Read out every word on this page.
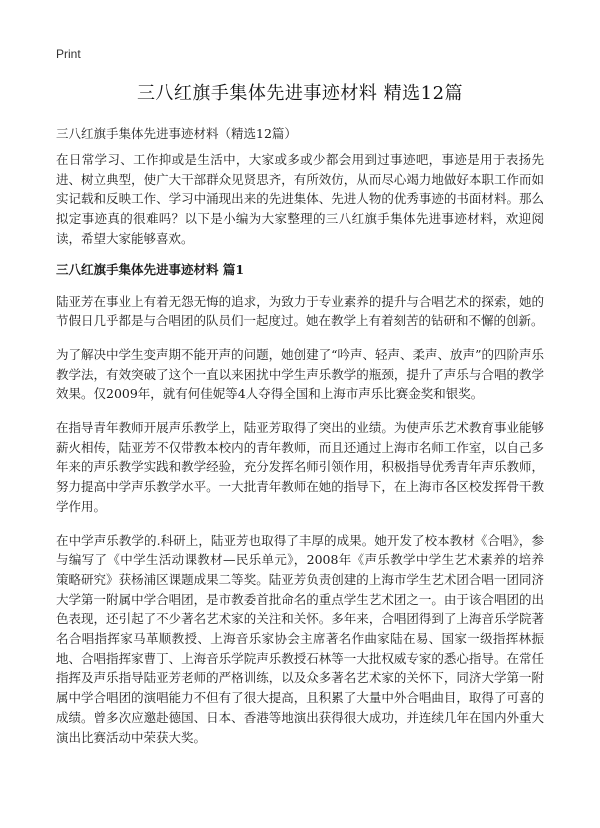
Print
三八红旗手集体先进事迹材料 精选12篇
三八红旗手集体先进事迹材料（精选12篇）

在日常学习、工作抑或是生活中，大家或多或少都会用到过事迹吧，事迹是用于表扬先进、树立典型，使广大干部群众见贤思齐，有所效仿，从而尽心竭力地做好本职工作而如实记载和反映工作、学习中涌现出来的先进集体、先进人物的优秀事迹的书面材料。那么拟定事迹真的很难吗？以下是小编为大家整理的三八红旗手集体先进事迹材料，欢迎阅读，希望大家能够喜欢。

三八红旗手集体先进事迹材料 篇1

陆亚芳在事业上有着无怨无悔的追求，为致力于专业素养的提升与合唱艺术的探索，她的节假日几乎都是与合唱团的队员们一起度过。她在教学上有着刻苦的钻研和不懈的创新。

为了解决中学生变声期不能开声的问题，她创建了“吟声、轻声、柔声、放声”的四阶声乐教学法，有效突破了这个一直以来困扰中学生声乐教学的瓶颈，提升了声乐与合唱的教学效果。仅2009年，就有何佳妮等4人夺得全国和上海市声乐比赛金奖和银奖。

在指导青年教师开展声乐教学上，陆亚芳取得了突出的业绩。为使声乐艺术教育事业能够薪火相传，陆亚芳不仅带教本校内的青年教师，而且还通过上海市名师工作室，以自己多年来的声乐教学实践和教学经验，充分发挥名师引领作用，积极指导优秀青年声乐教师，努力提高中学声乐教学水平。一大批青年教师在她的指导下，在上海市各区校发挥骨干教学作用。

在中学声乐教学的.科研上，陆亚芳也取得了丰厚的成果。她开发了校本教材《合唱》，参与编写了《中学生活动课教材—民乐单元》，2008年《声乐教学中学生艺术素养的培养策略研究》获杨浦区课题成果二等奖。陆亚芳负责创建的上海市学生艺术团合唱一团同济大学第一附属中学合唱团，是市教委首批命名的重点学生艺术团之一。由于该合唱团的出色表现，还引起了不少著名艺术家的关注和关怀。多年来，合唱团得到了上海音乐学院著名合唱指挥家马革顺教授、上海音乐家协会主席著名作曲家陆在易、国家一级指挥林振地、合唱指挥家曹丁、上海音乐学院声乐教授石林等一大批权威专家的悉心指导。在常任指挥及声乐指导陆亚芳老师的严格训练，以及众多著名艺术家的关怀下，同济大学第一附属中学合唱团的演唱能力不但有了很大提高，且积累了大量中外合唱曲目，取得了可喜的成绩。曾多次应邀赴德国、日本、香港等地演出获得很大成功，并连续几年在国内外重大演出比赛活动中荣获大奖。
